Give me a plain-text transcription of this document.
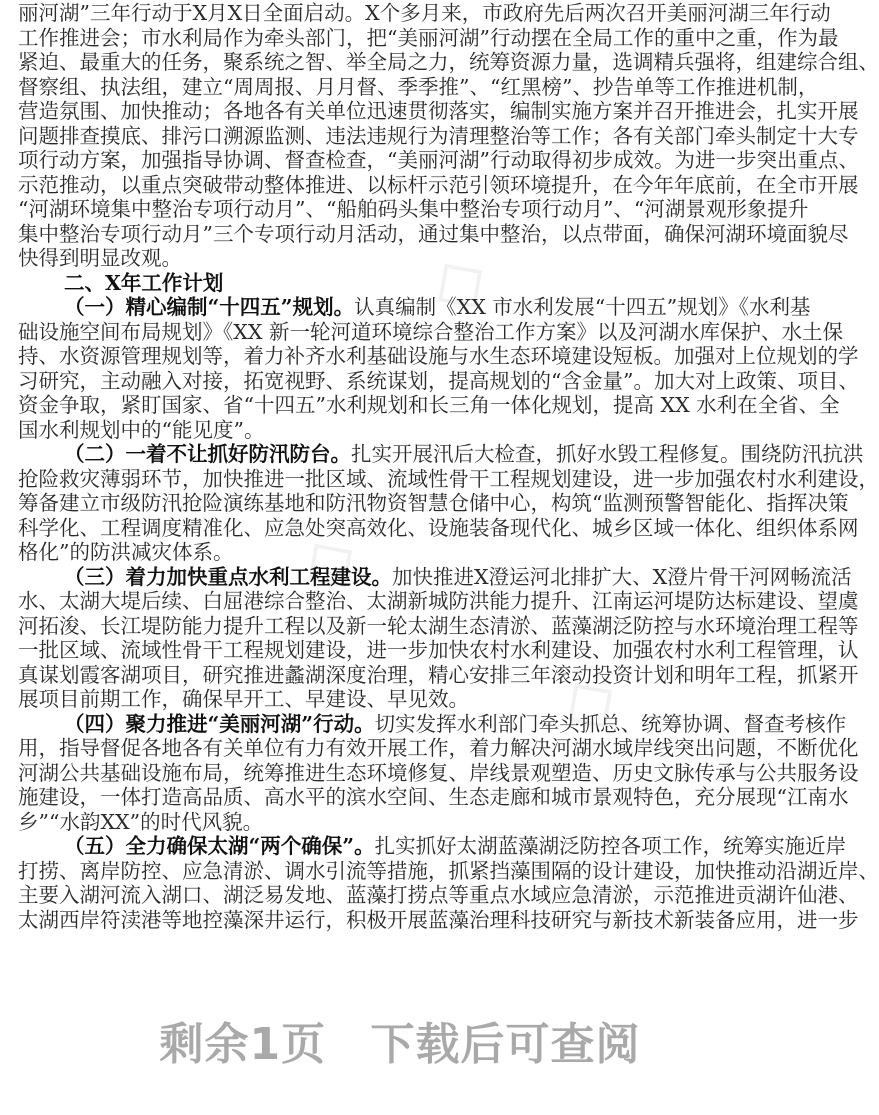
◇
◇
◇
丽河湖”三年行动于X月X日全面启动。X个多月来，市政府先后两次召开美丽河湖三年行动
工作推进会；市水利局作为牵头部门，把“美丽河湖”行动摆在全局工作的重中之重，作为最
紧迫、最重大的任务，聚系统之智、举全局之力，统筹资源力量，选调精兵强将，组建综合组、
督察组、执法组，建立“周周报、月月督、季季推”、“红黑榜”、抄告单等工作推进机制，
营造氛围、加快推动；各地各有关单位迅速贯彻落实，编制实施方案并召开推进会，扎实开展
问题排查摸底、排污口溯源监测、违法违规行为清理整治等工作；各有关部门牵头制定十大专
项行动方案，加强指导协调、督查检查，“美丽河湖”行动取得初步成效。为进一步突出重点、
示范推动，以重点突破带动整体推进、以标杆示范引领环境提升，在今年年底前，在全市开展
“河湖环境集中整治专项行动月”、“船舶码头集中整治专项行动月”、“河湖景观形象提升
集中整治专项行动月”三个专项行动月活动，通过集中整治，以点带面，确保河湖环境面貌尽
快得到明显改观。
二、X年工作计划
（一）精心编制“十四五”规划。认真编制《XX 市水利发展“十四五”规划》《水利基
础设施空间布局规划》《XX 新一轮河道环境综合整治工作方案》以及河湖水库保护、水土保
持、水资源管理规划等，着力补齐水利基础设施与水生态环境建设短板。加强对上位规划的学
习研究，主动融入对接，拓宽视野、系统谋划，提高规划的“含金量”。加大对上政策、项目、
资金争取，紧盯国家、省“十四五”水利规划和长三角一体化规划，提高 XX 水利在全省、全
国水利规划中的“能见度”。
（二）一着不让抓好防汛防台。扎实开展汛后大检查，抓好水毁工程修复。围绕防汛抗洪
抢险救灾薄弱环节，加快推进一批区域、流域性骨干工程规划建设，进一步加强农村水利建设，
筹备建立市级防汛抢险演练基地和防汛物资智慧仓储中心，构筑“监测预警智能化、指挥决策
科学化、工程调度精准化、应急处突高效化、设施装备现代化、城乡区域一体化、组织体系网
格化”的防洪减灾体系。
（三）着力加快重点水利工程建设。加快推进X澄运河北排扩大、X澄片骨干河网畅流活
水、太湖大堤后续、白屈港综合整治、太湖新城防洪能力提升、江南运河堤防达标建设、望虞
河拓浚、长江堤防能力提升工程以及新一轮太湖生态清淤、蓝藻湖泛防控与水环境治理工程等
一批区域、流域性骨干工程规划建设，进一步加快农村水利建设、加强农村水利工程管理，认
真谋划霞客湖项目，研究推进蠡湖深度治理，精心安排三年滚动投资计划和明年工程，抓紧开
展项目前期工作，确保早开工、早建设、早见效。
（四）聚力推进“美丽河湖”行动。切实发挥水利部门牵头抓总、统筹协调、督查考核作
用，指导督促各地各有关单位有力有效开展工作，着力解决河湖水域岸线突出问题，不断优化
河湖公共基础设施布局，统筹推进生态环境修复、岸线景观塑造、历史文脉传承与公共服务设
施建设，一体打造高品质、高水平的滨水空间、生态走廊和城市景观特色，充分展现“江南水
乡”“水韵XX”的时代风貌。
（五）全力确保太湖“两个确保”。扎实抓好太湖蓝藻湖泛防控各项工作，统筹实施近岸
打捞、离岸防控、应急清淤、调水引流等措施，抓紧挡藻围隔的设计建设，加快推动沿湖近岸、
主要入湖河流入湖口、湖泛易发地、蓝藻打捞点等重点水域应急清淤，示范推进贡湖许仙港、
太湖西岸符渎港等地控藻深井运行，积极开展蓝藻治理科技研究与新技术新装备应用，进一步
剩余1页 下载后可查阅
